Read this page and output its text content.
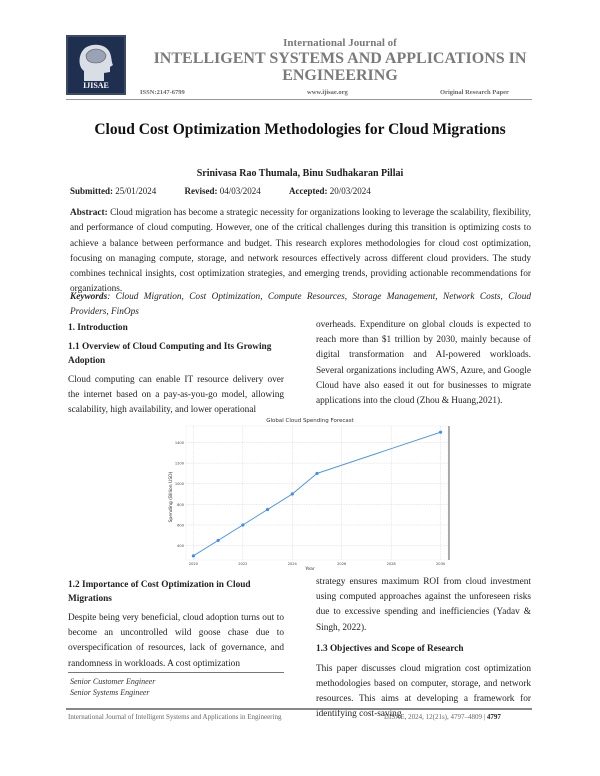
IJISAE
International Journal of
INTELLIGENT SYSTEMS AND APPLICATIONS IN
ENGINEERING
ISSN:2147-6799	www.ijisae.org	Original Research Paper
Cloud Cost Optimization Methodologies for Cloud Migrations
Srinivasa Rao Thumala, Binu Sudhakaran Pillai
Submitted: 25/01/2024	Revised: 04/03/2024	Accepted: 20/03/2024
Abstract: Cloud migration has become a strategic necessity for organizations looking to leverage the scalability, flexibility, and performance of cloud computing. However, one of the critical challenges during this transition is optimizing costs to achieve a balance between performance and budget. This research explores methodologies for cloud cost optimization, focusing on managing compute, storage, and network resources effectively across different cloud providers. The study combines technical insights, cost optimization strategies, and emerging trends, providing actionable recommendations for organizations.
Keywords: Cloud Migration, Cost Optimization, Compute Resources, Storage Management, Network Costs, Cloud Providers, FinOps
1. Introduction
1.1 Overview of Cloud Computing and Its Growing Adoption
Cloud computing can enable IT resource delivery over the internet based on a pay-as-you-go model, allowing scalability, high availability, and lower operational
overheads. Expenditure on global clouds is expected to reach more than $1 trillion by 2030, mainly because of digital transformation and AI-powered workloads. Several organizations including AWS, Azure, and Google Cloud have also eased it out for businesses to migrate applications into the cloud (Zhou & Huang,2021).
Global Cloud Spending Forecast
Year
Spending (Billion USD)
400
600
800
1000
1200
1400
2020	2022	2024	2026	2028	2030
1.2 Importance of Cost Optimization in Cloud Migrations
Despite being very beneficial, cloud adoption turns out to become an uncontrolled wild goose chase due to overspecification of resources, lack of governance, and randomness in workloads. A cost optimization
strategy ensures maximum ROI from cloud investment using computed approaches against the unforeseen risks due to excessive spending and inefficiencies (Yadav & Singh, 2022).
1.3 Objectives and Scope of Research
This paper discusses cloud migration cost optimization methodologies based on computer, storage, and network resources. This aims at developing a framework for identifying cost-saving
Senior Customer Engineer
Senior Systems Engineer
International Journal of Intelligent Systems and Applications in Engineering	IJISAE, 2024, 12(21s), 4797–4809 | 4797
